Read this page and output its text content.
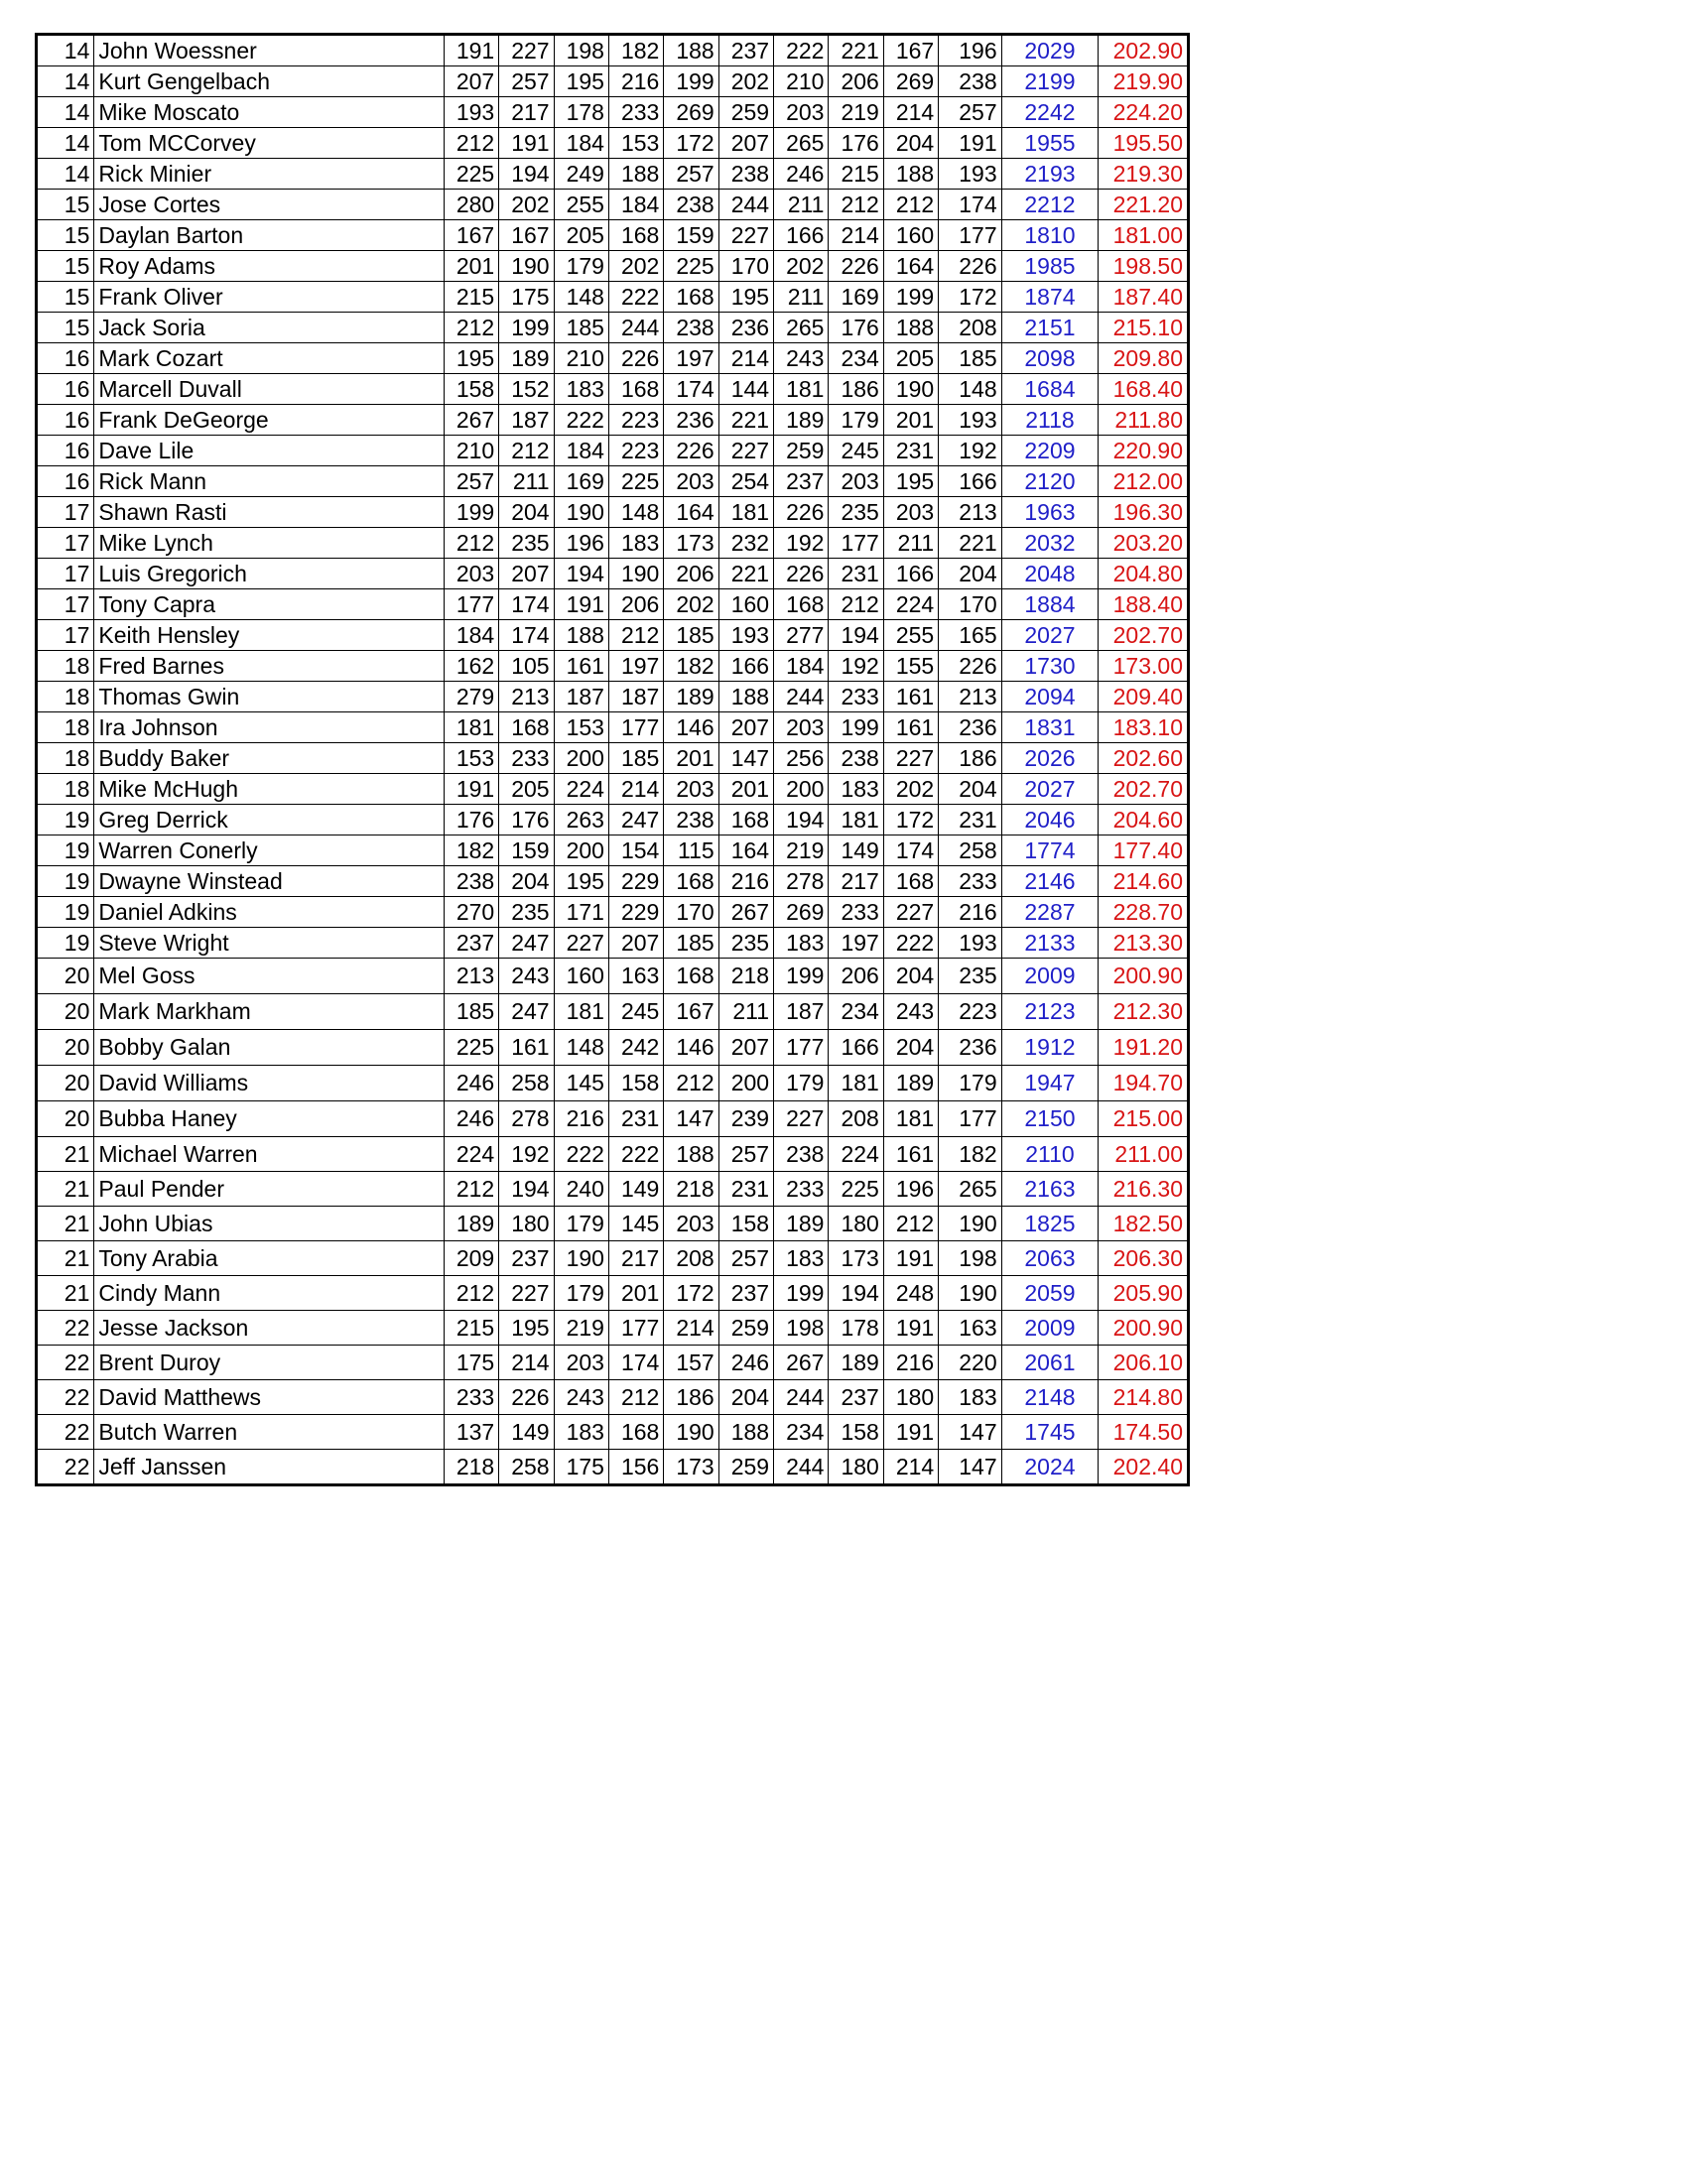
14	John Woessner	191	227	198	182	188	237	222	221	167	196	2029	202.90
14	Kurt Gengelbach	207	257	195	216	199	202	210	206	269	238	2199	219.90
14	Mike Moscato	193	217	178	233	269	259	203	219	214	257	2242	224.20
14	Tom MCCorvey	212	191	184	153	172	207	265	176	204	191	1955	195.50
14	Rick Minier	225	194	249	188	257	238	246	215	188	193	2193	219.30
15	Jose Cortes	280	202	255	184	238	244	211	212	212	174	2212	221.20
15	Daylan Barton	167	167	205	168	159	227	166	214	160	177	1810	181.00
15	Roy Adams	201	190	179	202	225	170	202	226	164	226	1985	198.50
15	Frank Oliver	215	175	148	222	168	195	211	169	199	172	1874	187.40
15	Jack Soria	212	199	185	244	238	236	265	176	188	208	2151	215.10
16	Mark Cozart	195	189	210	226	197	214	243	234	205	185	2098	209.80
16	Marcell Duvall	158	152	183	168	174	144	181	186	190	148	1684	168.40
16	Frank DeGeorge	267	187	222	223	236	221	189	179	201	193	2118	211.80
16	Dave Lile	210	212	184	223	226	227	259	245	231	192	2209	220.90
16	Rick Mann	257	211	169	225	203	254	237	203	195	166	2120	212.00
17	Shawn Rasti	199	204	190	148	164	181	226	235	203	213	1963	196.30
17	Mike Lynch	212	235	196	183	173	232	192	177	211	221	2032	203.20
17	Luis Gregorich	203	207	194	190	206	221	226	231	166	204	2048	204.80
17	Tony Capra	177	174	191	206	202	160	168	212	224	170	1884	188.40
17	Keith Hensley	184	174	188	212	185	193	277	194	255	165	2027	202.70
18	Fred Barnes	162	105	161	197	182	166	184	192	155	226	1730	173.00
18	Thomas Gwin	279	213	187	187	189	188	244	233	161	213	2094	209.40
18	Ira Johnson	181	168	153	177	146	207	203	199	161	236	1831	183.10
18	Buddy Baker	153	233	200	185	201	147	256	238	227	186	2026	202.60
18	Mike McHugh	191	205	224	214	203	201	200	183	202	204	2027	202.70
19	Greg Derrick	176	176	263	247	238	168	194	181	172	231	2046	204.60
19	Warren Conerly	182	159	200	154	115	164	219	149	174	258	1774	177.40
19	Dwayne Winstead	238	204	195	229	168	216	278	217	168	233	2146	214.60
19	Daniel Adkins	270	235	171	229	170	267	269	233	227	216	2287	228.70
19	Steve Wright	237	247	227	207	185	235	183	197	222	193	2133	213.30
20	Mel Goss	213	243	160	163	168	218	199	206	204	235	2009	200.90
20	Mark Markham	185	247	181	245	167	211	187	234	243	223	2123	212.30
20	Bobby Galan	225	161	148	242	146	207	177	166	204	236	1912	191.20
20	David Williams	246	258	145	158	212	200	179	181	189	179	1947	194.70
20	Bubba Haney	246	278	216	231	147	239	227	208	181	177	2150	215.00
21	Michael Warren	224	192	222	222	188	257	238	224	161	182	2110	211.00
21	Paul Pender	212	194	240	149	218	231	233	225	196	265	2163	216.30
21	John Ubias	189	180	179	145	203	158	189	180	212	190	1825	182.50
21	Tony Arabia	209	237	190	217	208	257	183	173	191	198	2063	206.30
21	Cindy Mann	212	227	179	201	172	237	199	194	248	190	2059	205.90
22	Jesse Jackson	215	195	219	177	214	259	198	178	191	163	2009	200.90
22	Brent Duroy	175	214	203	174	157	246	267	189	216	220	2061	206.10
22	David Matthews	233	226	243	212	186	204	244	237	180	183	2148	214.80
22	Butch Warren	137	149	183	168	190	188	234	158	191	147	1745	174.50
22	Jeff Janssen	218	258	175	156	173	259	244	180	214	147	2024	202.40
